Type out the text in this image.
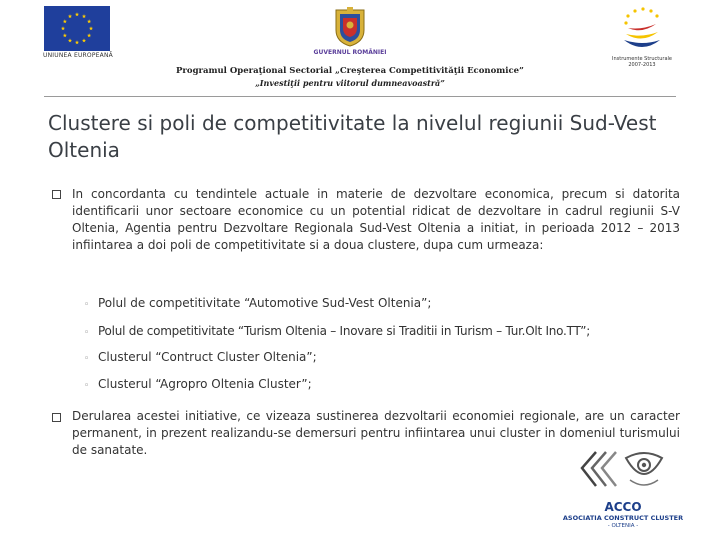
UNIUNEA EUROPEANĂ	GUVERNUL ROMÂNIEI
Programul Operaţional Sectorial „Creşterea Competitivităţii Economice”
„Investiţii pentru viitorul dumneavoastră”
Instrumente Structurale 2007-2013
Clustere si poli de competitivitate la nivelul regiunii Sud-Vest Oltenia
In concordanta cu tendintele actuale in materie de dezvoltare economica, precum si datorita identificarii unor sectoare economice cu un potential ridicat de dezvoltare in cadrul regiunii S-V Oltenia, Agentia pentru Dezvoltare Regionala Sud-Vest Oltenia a initiat, in perioada 2012 – 2013 infiintarea a doi poli de competitivitate si a doua clustere, dupa cum urmeaza:
◦ Polul de competitivitate “Automotive Sud-Vest Oltenia”;
◦ Polul de competitivitate “Turism Oltenia – Inovare si Traditii in Turism – Tur.Olt Ino.TT”;
◦ Clusterul “Contruct Cluster Oltenia”;
◦ Clusterul “Agropro Oltenia Cluster”;
Derularea acestei initiative, ce vizeaza sustinerea dezvoltarii economiei regionale, are un caracter permanent, in prezent realizandu-se demersuri pentru infiintarea unui cluster in domeniul turismului de sanatate.
ACCO
ASOCIATIA CONSTRUCT CLUSTER
- OLTENIA -
